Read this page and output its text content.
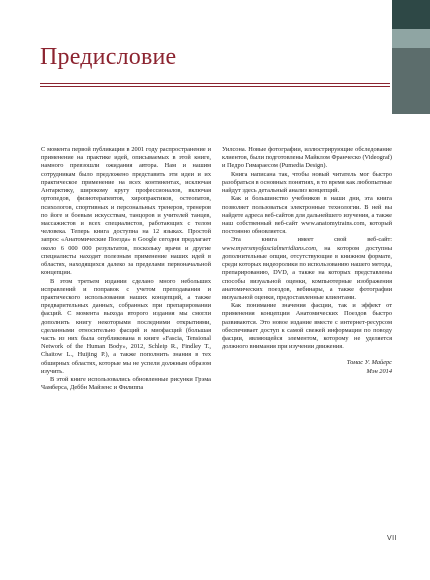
Предисловие

С момента первой публикации в 2001 году распространение и применение на практике идей, описываемых в этой книге, намного превзошли ожидания автора. Нам и нашим сотрудникам было предложено представить эти идеи и их практическое применение на всех континентах, исключая Антарктику, широкому кругу профессионалов, включая ортопедов, физиотерапевтов, хиропрактиков, остеопатов, психологов, спортивных и персональных тренеров, тренеров по йоге и боевым искусствам, танцоров и учителей танцев, массажистов и всех специалистов, работающих с телом человека. Теперь книга доступна на 12 языках. Простой запрос «Анатомические Поезда» в Google сегодня предлагает около 6 000 000 результатов, поскольку врачи и другие специалисты находят полезным применение наших идей в областях, находящихся далеко за пределами первоначальной концепции.

В этом третьем издании сделано много небольших исправлений и поправок с учетом преподавания и практического использования наших концепций, а также предварительных данных, собранных при препарировании фасций. С момента выхода второго издания мы смогли дополнить книгу некоторыми последними открытиями, сделанными относительно фасций и миофасций (большая часть из них была опубликована в книге «Fascia, Tensional Network of the Human Body», 2012, Schleip R., Findley T., Chaitow L., Huijing P.), а также пополнить знания в тех обширных областях, которые мы не успели должным образом изучить.

В этой книге использовались обновленные рисунки Грэма Чамберса, Деббн Майзенс и Филиппа

Уилсона. Новые фотографии, иллюстрирующие обследование клиентов, были подготовлены Майклом Франческо (Videograf) и Педро Гимараесом (Pumedia Design).

Книга написана так, чтобы новый читатель мог быстро разобраться в основных понятиях, в то время как любопытные найдут здесь детальный анализ концепций.

Как и большинство учебников в наши дни, эта книга позволяет пользоваться электронные технологии. В ней вы найдете адреса веб-сайтов для дальнейшего изучения, а также наш собственный веб-сайт www.anatomytrains.com, который постоянно обновляется.

Эта книга имеет свой веб-сайт: www.myersmyofascialmeridians.com, на котором доступны дополнительные опции, отсутствующие в книжном формате, среди которых видеоролики по использованию нашего метода, препарированию, DVD, а также на которых представлены способы визуальной оценки, компьютерные изображения анатомических поездов, вебинары, а также фотографии визуальной оценки, предоставленные клиентами.

Как понимание значения фасции, так и эффект от применения концепции Анатомических Поездов быстро развиваются. Это новое издание вместе с интернет-ресурсом обеспечивает доступ к самой свежей информации по поводу фасции, являющейся элементом, которому не уделяется должного внимания при изучении движения.

Томас У. Майерс

Мэн 2014

VII
